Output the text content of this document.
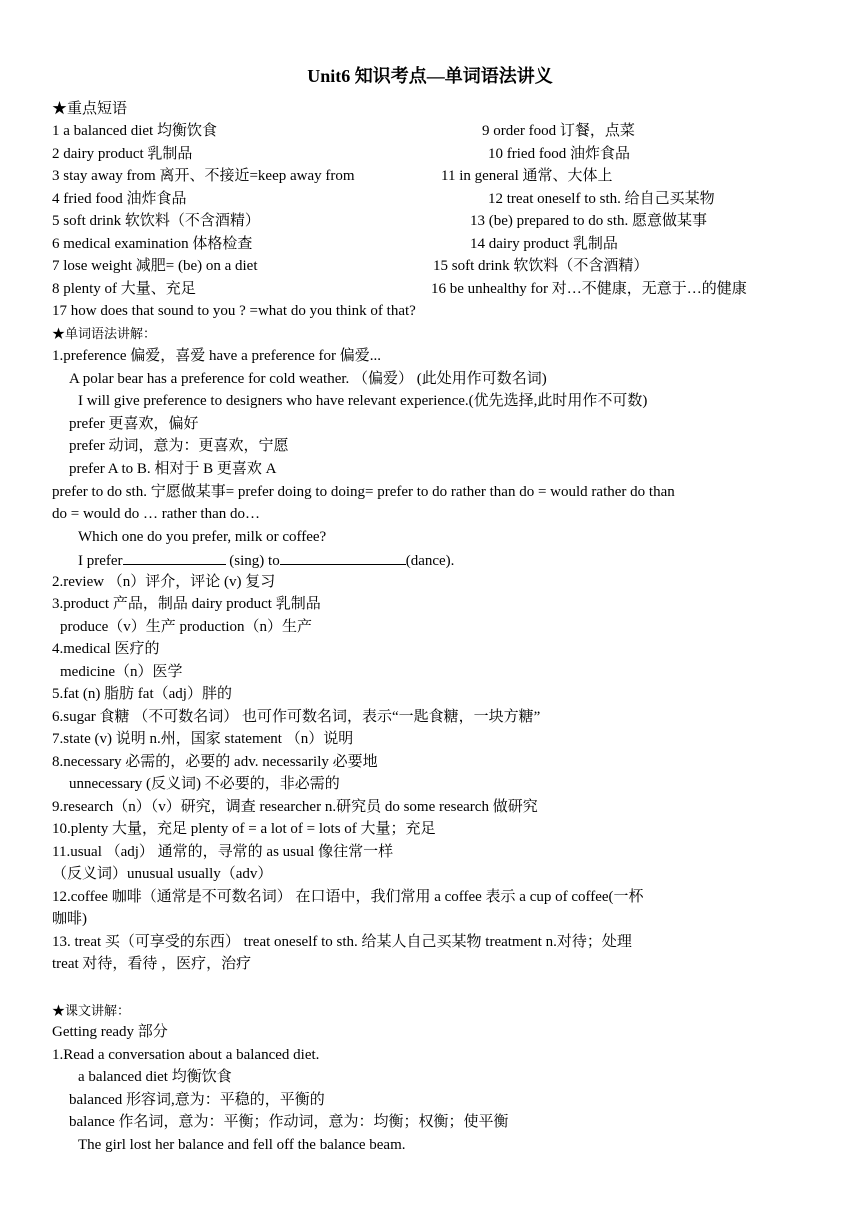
Unit6 知识考点—单词语法讲义
★重点短语
1 a balanced diet 均衡饮食
2 dairy product 乳制品
3 stay away from 离开、不接近=keep away from
4 fried food 油炸食品
5 soft drink 软饮料（不含酒精）
6 medical examination 体格检查
7 lose weight 减肥= (be) on a diet
8 plenty of 大量、充足
9 order food 订餐，点菜
10 fried food 油炸食品
11 in general 通常、大体上
12 treat oneself to sth. 给自己买某物
13 (be) prepared to do sth. 愿意做某事
14 dairy product 乳制品
15 soft drink 软饮料（不含酒精）
16 be unhealthy for 对…不健康，无意于…的健康
17 how does that sound to you ? =what do you think of that?
★单词语法讲解：
1.preference 偏爱，喜爱 have a preference for 偏爱...
A polar bear has a preference for cold weather. （偏爱） (此处用作可数名词)
I will give preference to designers who have relevant experience.(优先选择,此时用作不可数)
prefer 更喜欢，偏好
prefer 动词，意为：更喜欢，宁愿
prefer A to B. 相对于 B 更喜欢 A
prefer to do sth. 宁愿做某事= prefer doing to doing= prefer to do rather than do = would rather do than
do = would do … rather than do…
Which one do you prefer, milk or coffee?
I prefer	(sing) to	(dance).
2.review （n）评介，评论 (v) 复习
3.product 产品，制品 dairy product 乳制品
produce（v）生产 production（n）生产
4.medical 医疗的
medicine（n）医学
5.fat (n) 脂肪 fat（adj）胖的
6.sugar 食糖 （不可数名词） 也可作可数名词，表示“一匙食糖，一块方糖”
7.state (v) 说明 n.州，国家 statement （n）说明
8.necessary 必需的，必要的 adv. necessarily 必要地
unnecessary (反义词) 不必要的，非必需的
9.research（n）（v）研究，调查 researcher n.研究员 do some research 做研究
10.plenty 大量，充足 plenty of = a lot of = lots of 大量；充足
11.usual （adj） 通常的，寻常的 as usual 像往常一样
（反义词）unusual usually（adv）
12.coffee 咖啡（通常是不可数名词） 在口语中，我们常用 a coffee 表示 a cup of coffee(一杯
咖啡)
13. treat 买（可享受的东西） treat oneself to sth. 给某人自己买某物 treatment n.对待；处理
treat 对待，看待 ，医疗，治疗
★课文讲解：
Getting ready 部分
1.Read a conversation about a balanced diet.
a balanced diet 均衡饮食
balanced 形容词,意为：平稳的，平衡的
balance 作名词，意为：平衡；作动词，意为：均衡；权衡；使平衡
The girl lost her balance and fell off the balance beam.
